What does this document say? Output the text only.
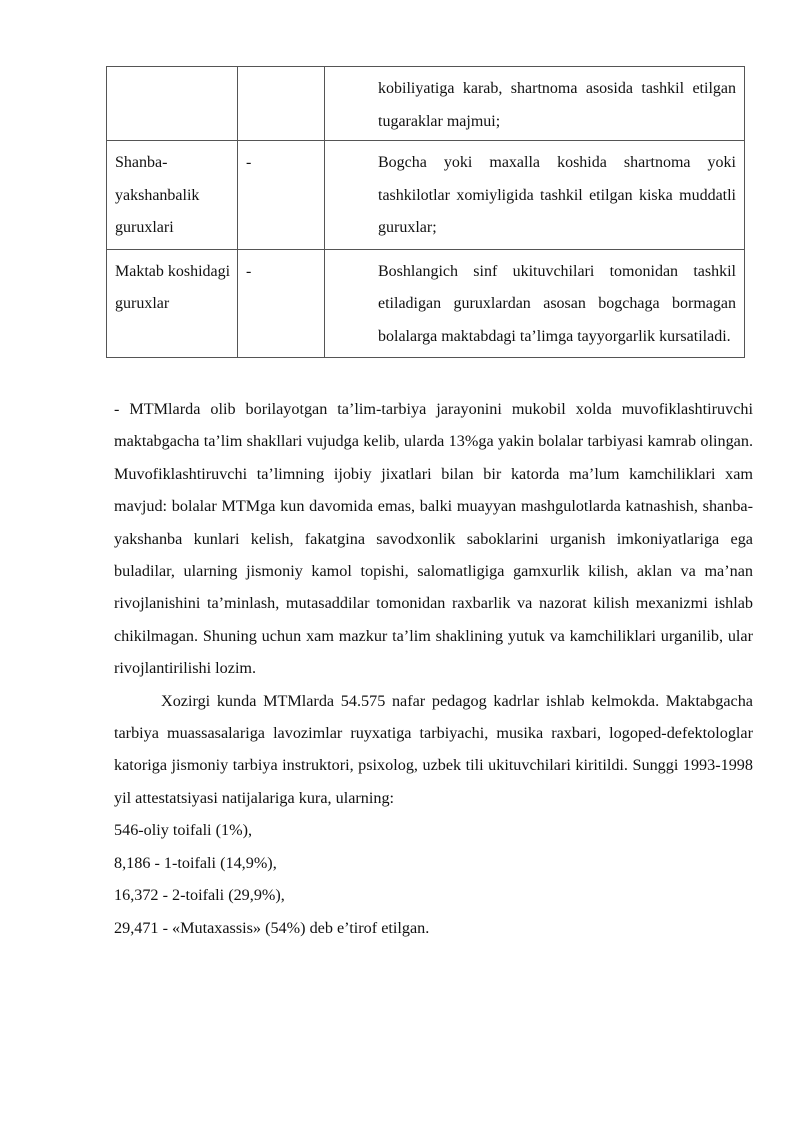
		kobiliyatiga karab, shartnoma asosida tashkil etilgan tugaraklar majmui;
Shanba-yakshanbalik guruxlari	-	Bogcha yoki maxalla koshida shartnoma yoki tashkilotlar xomiyligida tashkil etilgan kiska muddatli guruxlar;
Maktab koshidagi guruxlar	-	Boshlangich sinf ukituvchilari tomonidan tashkil etiladigan guruxlardan asosan bogchaga bormagan bolalarga maktabdagi ta’limga tayyorgarlik kursatiladi.

- MTMlarda olib borilayotgan ta’lim-tarbiya jarayonini mukobil xolda muvofiklashtiruvchi maktabgacha ta’lim shakllari vujudga kelib, ularda 13%ga yakin bolalar tarbiyasi kamrab olingan. Muvofiklashtiruvchi ta’limning ijobiy jixatlari bilan bir katorda ma’lum kamchiliklari xam mavjud: bolalar MTMga kun davomida emas, balki muayyan mashgulotlarda katnashish, shanba-yakshanba kunlari kelish, fakatgina savodxonlik saboklarini urganish imkoniyatlariga ega buladilar, ularning jismoniy kamol topishi, salomatligiga gamxurlik kilish, aklan va ma’nan rivojlanishini ta’minlash, mutasaddilar tomonidan raxbarlik va nazorat kilish mexanizmi ishlab chikilmagan. Shuning uchun xam mazkur ta’lim shaklining yutuk va kamchiliklari urganilib, ular rivojlantirilishi lozim.

Xozirgi kunda MTMlarda 54.575 nafar pedagog kadrlar ishlab kelmokda. Maktabgacha tarbiya muassasalariga lavozimlar ruyxatiga tarbiyachi, musika raxbari, logoped-defektologlar katoriga jismoniy tarbiya instruktori, psixolog, uzbek tili ukituvchilari kiritildi. Sunggi 1993-1998 yil attestatsiyasi natijalariga kura, ularning:

546-oliy toifali (1%),
8,186 - 1-toifali (14,9%),
16,372 - 2-toifali (29,9%),
29,471 - «Mutaxassis» (54%) deb e’tirof etilgan.
